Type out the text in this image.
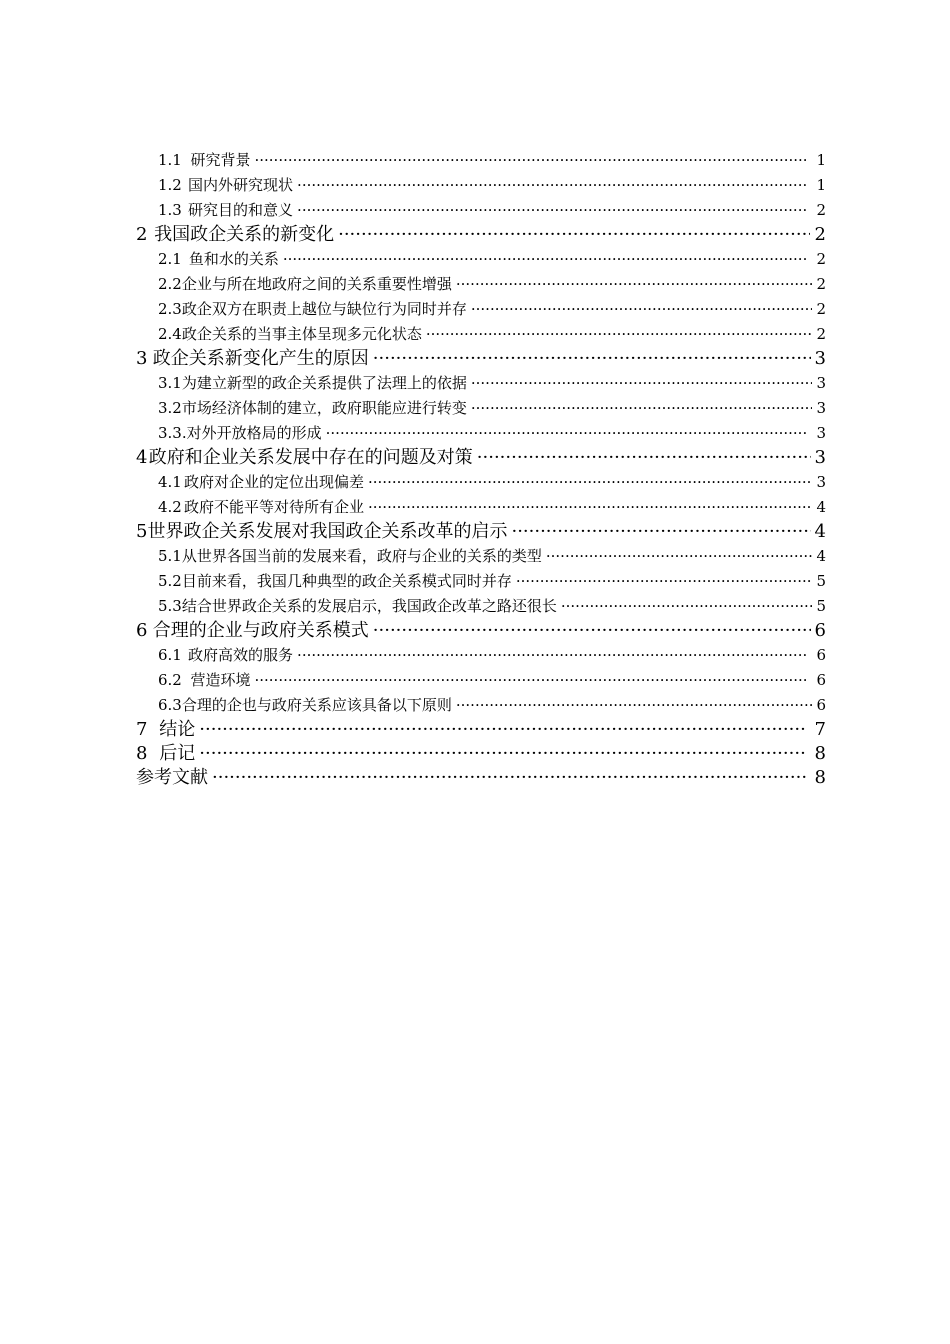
1.1 研究背景 ·····	1
1.2 国内外研究现状 ·····	1
1.3 研究目的和意义 ·····	2
2 我国政企关系的新变化 ·····	2
2.1 鱼和水的关系 ·····	2
2.2 企业与所在地政府之间的关系重要性增强 ·····	2
2.3 政企双方在职责上越位与缺位行为同时并存 ·····	2
2.4 政企关系的当事主体呈现多元化状态 ·····	2
3 政企关系新变化产生的原因 ·····	3
3.1 为建立新型的政企关系提供了法理上的依据 ·····	3
3.2 市场经济体制的建立，政府职能应进行转变 ·····	3
3.3. 对外开放格局的形成 ·····	3
4 政府和企业关系发展中存在的问题及对策 ·····	3
4.1 政府对企业的定位出现偏差 ·····	3
4.2 政府不能平等对待所有企业 ·····	4
5 世界政企关系发展对我国政企关系改革的启示 ·····	4
5.1 从世界各国当前的发展来看，政府与企业的关系的类型 ·····	4
5.2 目前来看，我国几种典型的政企关系模式同时并存 ·····	5
5.3 结合世界政企关系的发展启示，我国政企改革之路还很长 ·····	5
6 合理的企业与政府关系模式 ·····	6
6.1 政府高效的服务 ·····	6
6.2 营造环境 ·····	6
6.3 合理的企也与政府关系应该具备以下原则 ·····	6
7 结论 ·····	7
8 后记 ·····	8
参考文献 ·····	8
